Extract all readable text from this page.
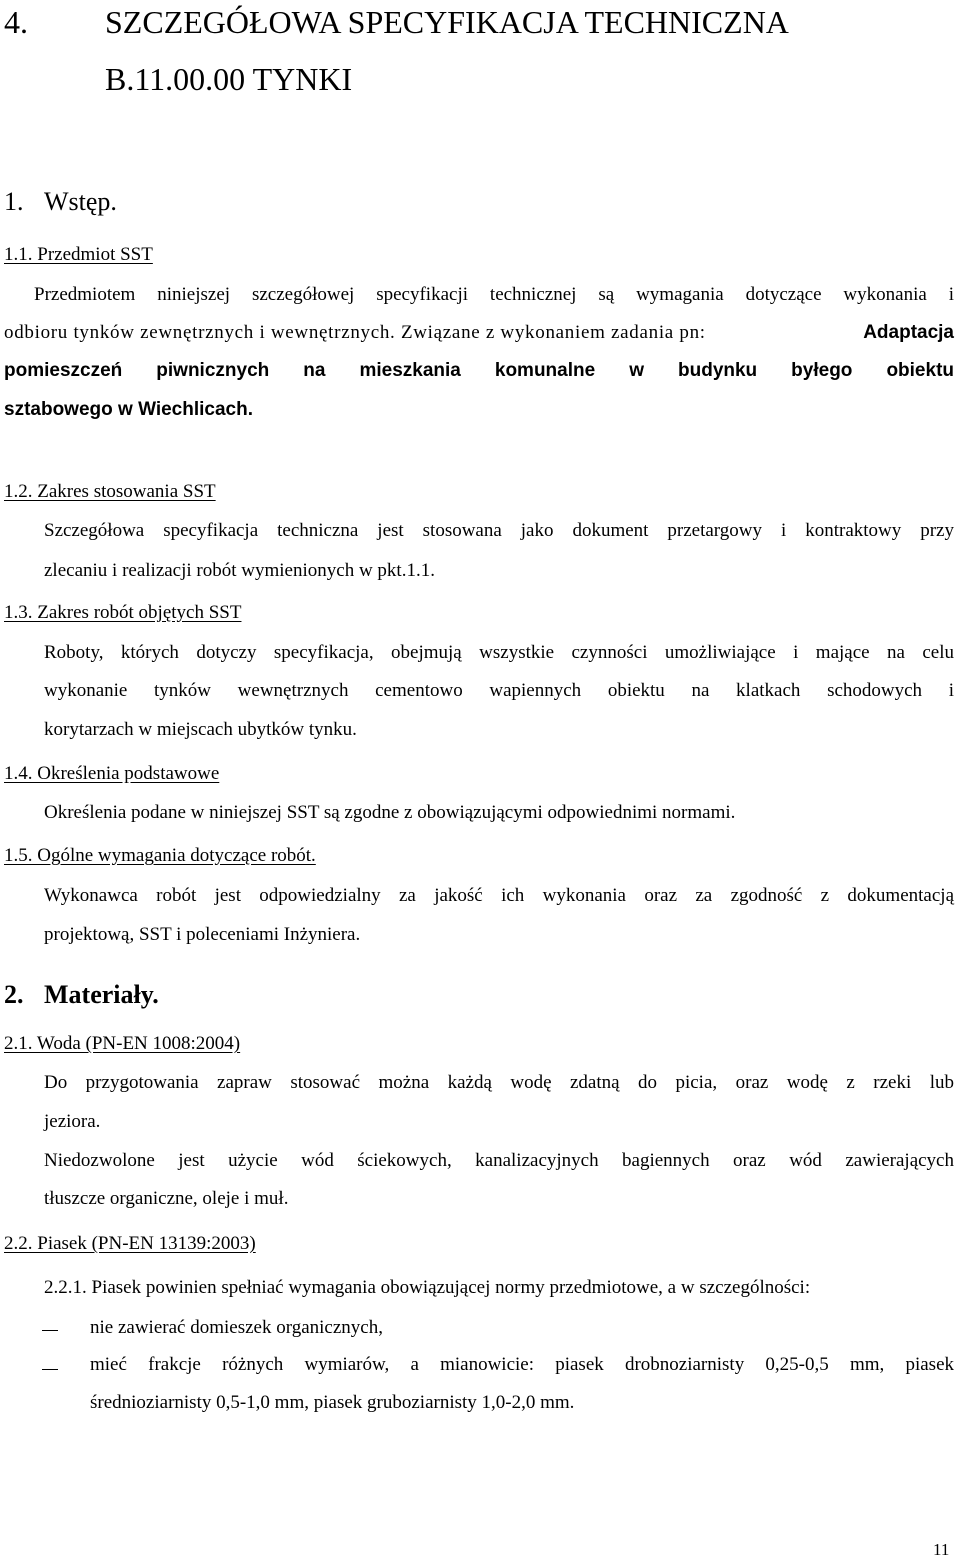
4. SZCZEGÓŁOWA SPECYFIKACJA TECHNICZNA

B.11.00.00 TYNKI

1. Wstęp.

1.1. Przedmiot SST

Przedmiotem niniejszej szczegółowej specyfikacji technicznej są wymagania dotyczące wykonania i

odbioru tynków zewnętrznych i wewnętrznych. Związane z wykonaniem zadania pn:	Adaptacja

pomieszczeń piwnicznych na mieszkania komunalne w budynku byłego obiektu

sztabowego w Wiechlicach.

1.2. Zakres stosowania SST

Szczegółowa specyfikacja techniczna jest stosowana jako dokument przetargowy i kontraktowy przy

zlecaniu i realizacji robót wymienionych w pkt.1.1.

1.3. Zakres robót objętych SST

Roboty, których dotyczy specyfikacja, obejmują wszystkie czynności umożliwiające i mające na celu

wykonanie tynków wewnętrznych cementowo wapiennych obiektu na klatkach schodowych i

korytarzach w miejscach ubytków tynku.

1.4. Określenia podstawowe

Określenia podane w niniejszej SST są zgodne z obowiązującymi odpowiednimi normami.

1.5. Ogólne wymagania dotyczące robót.

Wykonawca robót jest odpowiedzialny za jakość ich wykonania oraz za zgodność z dokumentacją

projektową, SST i poleceniami Inżyniera.

2. Materiały.

2.1. Woda (PN-EN 1008:2004)

Do przygotowania zapraw stosować można każdą wodę zdatną do picia, oraz wodę z rzeki lub

jeziora.

Niedozwolone jest użycie wód ściekowych, kanalizacyjnych bagiennych oraz wód zawierających

tłuszcze organiczne, oleje i muł.

2.2. Piasek (PN-EN 13139:2003)

2.2.1. Piasek powinien spełniać wymagania obowiązującej normy przedmiotowe, a w szczególności:

nie zawierać domieszek organicznych,

mieć frakcje różnych wymiarów, a mianowicie: piasek drobnoziarnisty 0,25-0,5 mm, piasek

średnioziarnisty 0,5-1,0 mm, piasek gruboziarnisty 1,0-2,0 mm.

11
